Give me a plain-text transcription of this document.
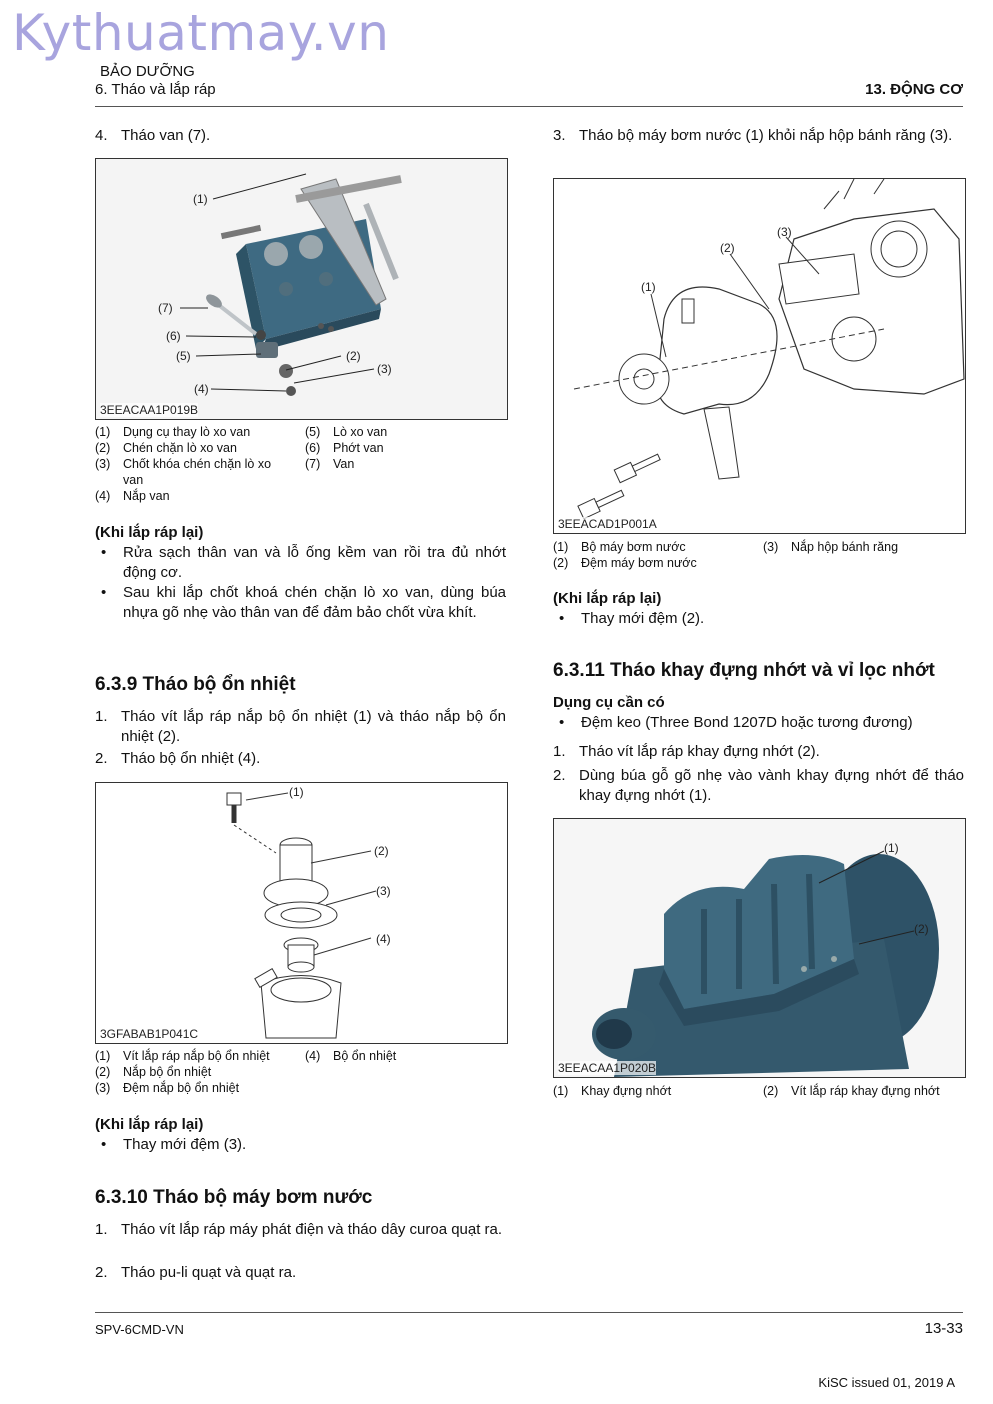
Kythuatmay.vn
BẢO DƯỠNG
6. Tháo và lắp ráp	13. ĐỘNG CƠ
4. Tháo van (7).
(1)
(7)
(6)
(5)	(2)
(3)
(4)
3EEACAA1P019B
(1) Dụng cụ thay lò xo van
(2) Chén chặn lò xo van
(3) Chốt khóa chén chặn lò xo van
(4) Nắp van
(5) Lò xo van
(6) Phớt van
(7) Van
(Khi lắp ráp lại)
• Rửa sạch thân van và lỗ ống kềm van rồi tra đủ nhớt động cơ.
• Sau khi lắp chốt khoá chén chặn lò xo van, dùng búa nhựa gõ nhẹ vào thân van để đảm bảo chốt vừa khít.
6.3.9 Tháo bộ ổn nhiệt
1. Tháo vít lắp ráp nắp bộ ổn nhiệt (1) và tháo nắp bộ ổn nhiệt (2).
2. Tháo bộ ổn nhiệt (4).
(1)
(2)
(3)
(4)
3GFABAB1P041C
(1) Vít lắp ráp nắp bộ ổn nhiệt
(2) Nắp bộ ổn nhiệt
(3) Đệm nắp bộ ổn nhiệt
(4) Bộ ổn nhiệt
(Khi lắp ráp lại)
• Thay mới đệm (3).
6.3.10 Tháo bộ máy bơm nước
1. Tháo vít lắp ráp máy phát điện và tháo dây curoa quạt ra.
2. Tháo pu-li quạt và quạt ra.
3. Tháo bộ máy bơm nước (1) khỏi nắp hộp bánh răng (3).
(3)
(2)
(1)
3EEACAD1P001A
(1) Bộ máy bơm nước
(2) Đệm máy bơm nước
(3) Nắp hộp bánh răng
(Khi lắp ráp lại)
• Thay mới đệm (2).
6.3.11 Tháo khay đựng nhớt và vỉ lọc nhớt
Dụng cụ cần có
• Đệm keo (Three Bond 1207D hoặc tương đương)
1. Tháo vít lắp ráp khay đựng nhớt (2).
2. Dùng búa gỗ gõ nhẹ vào vành khay đựng nhớt để tháo khay đựng nhớt (1).
(1)
(2)
3EEACAA1P020B
(1) Khay đựng nhớt	(2) Vít lắp ráp khay đựng nhớt
SPV-6CMD-VN	13-33
KiSC issued 01, 2019 A
